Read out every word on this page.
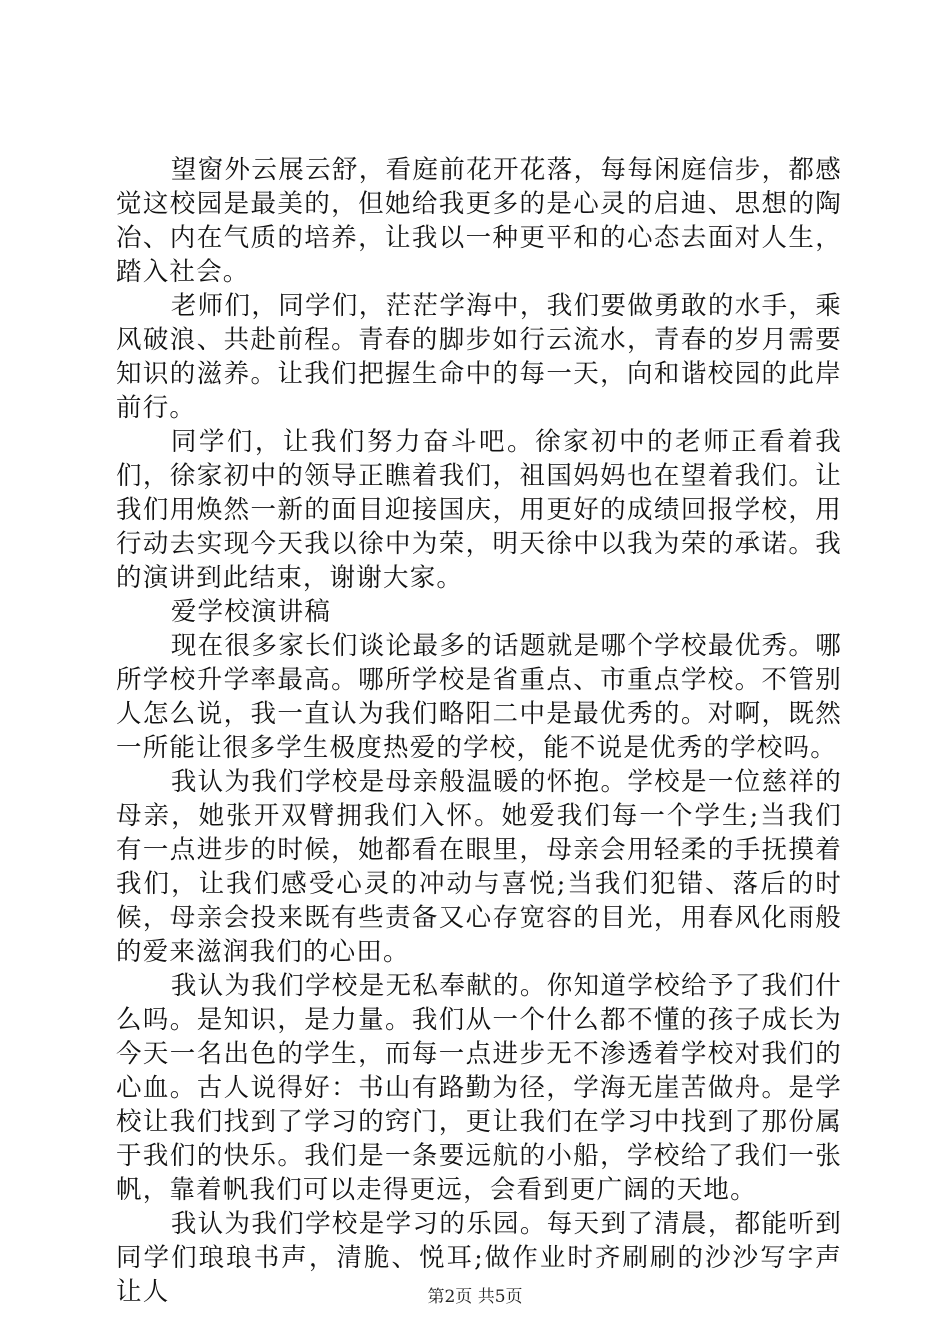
望窗外云展云舒，看庭前花开花落，每每闲庭信步，都感觉这校园是最美的，但她给我更多的是心灵的启迪、思想的陶冶、内在气质的培养，让我以一种更平和的心态去面对人生，踏入社会。

老师们，同学们，茫茫学海中，我们要做勇敢的水手，乘风破浪、共赴前程。青春的脚步如行云流水，青春的岁月需要知识的滋养。让我们把握生命中的每一天，向和谐校园的此岸前行。

同学们，让我们努力奋斗吧。徐家初中的老师正看着我们，徐家初中的领导正瞧着我们，祖国妈妈也在望着我们。让我们用焕然一新的面目迎接国庆，用更好的成绩回报学校，用行动去实现今天我以徐中为荣，明天徐中以我为荣的承诺。我的演讲到此结束，谢谢大家。

爱学校演讲稿

现在很多家长们谈论最多的话题就是哪个学校最优秀。哪所学校升学率最高。哪所学校是省重点、市重点学校。不管别人怎么说，我一直认为我们略阳二中是最优秀的。对啊，既然一所能让很多学生极度热爱的学校，能不说是优秀的学校吗。

我认为我们学校是母亲般温暖的怀抱。学校是一位慈祥的母亲，她张开双臂拥我们入怀。她爱我们每一个学生;当我们有一点进步的时候，她都看在眼里，母亲会用轻柔的手抚摸着我们，让我们感受心灵的冲动与喜悦;当我们犯错、落后的时候，母亲会投来既有些责备又心存宽容的目光，用春风化雨般的爱来滋润我们的心田。

我认为我们学校是无私奉献的。你知道学校给予了我们什么吗。是知识，是力量。我们从一个什么都不懂的孩子成长为今天一名出色的学生，而每一点进步无不渗透着学校对我们的心血。古人说得好：书山有路勤为径，学海无崖苦做舟。是学校让我们找到了学习的窍门，更让我们在学习中找到了那份属于我们的快乐。我们是一条要远航的小船，学校给了我们一张帆，靠着帆我们可以走得更远，会看到更广阔的天地。

我认为我们学校是学习的乐园。每天到了清晨，都能听到同学们琅琅书声，清脆、悦耳;做作业时齐刷刷的沙沙写字声让人	第2页 共5页
